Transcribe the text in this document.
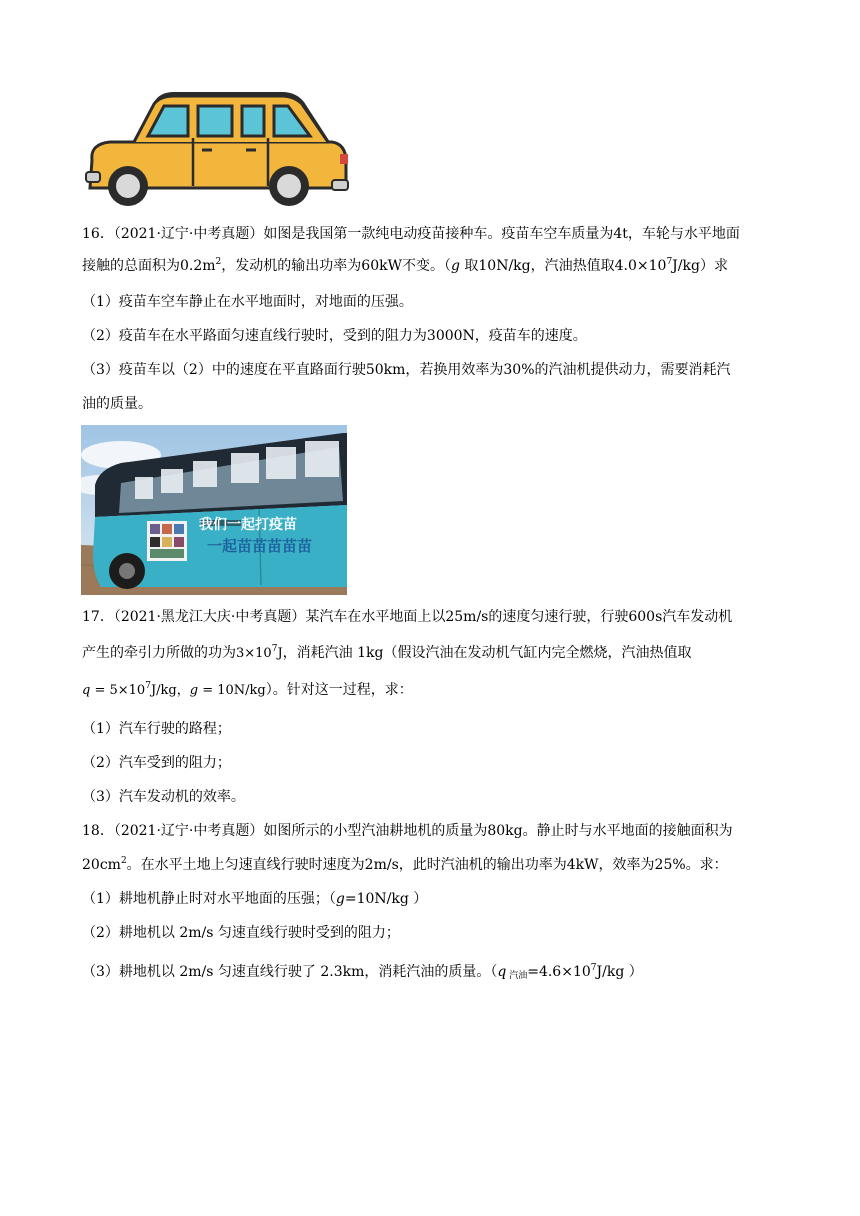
16．（2021·辽宁·中考真题）如图是我国第一款纯电动疫苗接种车。疫苗车空车质量为4t，车轮与水平地面
接触的总面积为$0.2m^2$，发动机的输出功率为60kW不变。（g 取10N/kg，汽油热值取$4.0\times 10^7J/kg$）求
（1）疫苗车空车静止在水平地面时，对地面的压强。
（2）疫苗车在水平路面匀速直线行驶时，受到的阻力为3000N，疫苗车的速度。
（3）疫苗车以（2）中的速度在平直路面行驶50km，若换用效率为30%的汽油机提供动力，需要消耗汽
油的质量。
我们一起打疫苗
一起苗苗苗苗苗
17．（2021·黑龙江大庆·中考真题）某汽车在水平地面上以25m/s的速度匀速行驶，行驶600s汽车发动机
产生的牵引力所做的功为$3\times 10^7J$，消耗汽油 1kg（假设汽油在发动机气缸内完全燃烧，汽油热值取
$q = 5\times 10^7J/kg$，g = 10N/kg）。针对这一过程，求：
（1）汽车行驶的路程；
（2）汽车受到的阻力；
（3）汽车发动机的效率。
18．（2021·辽宁·中考真题）如图所示的小型汽油耕地机的质量为80kg。静止时与水平地面的接触面积为
$20cm^2$。在水平土地上匀速直线行驶时速度为2m/s，此时汽油机的输出功率为4kW，效率为25%。求：
（1）耕地机静止时对水平地面的压强；（g=10N/kg ）
（2）耕地机以 2m/s 匀速直线行驶时受到的阻力；
（3）耕地机以 2m/s 匀速直线行驶了 2.3km，消耗汽油的质量。（q $_{汽油}=4.6\times 10^7J/kg$ ）
